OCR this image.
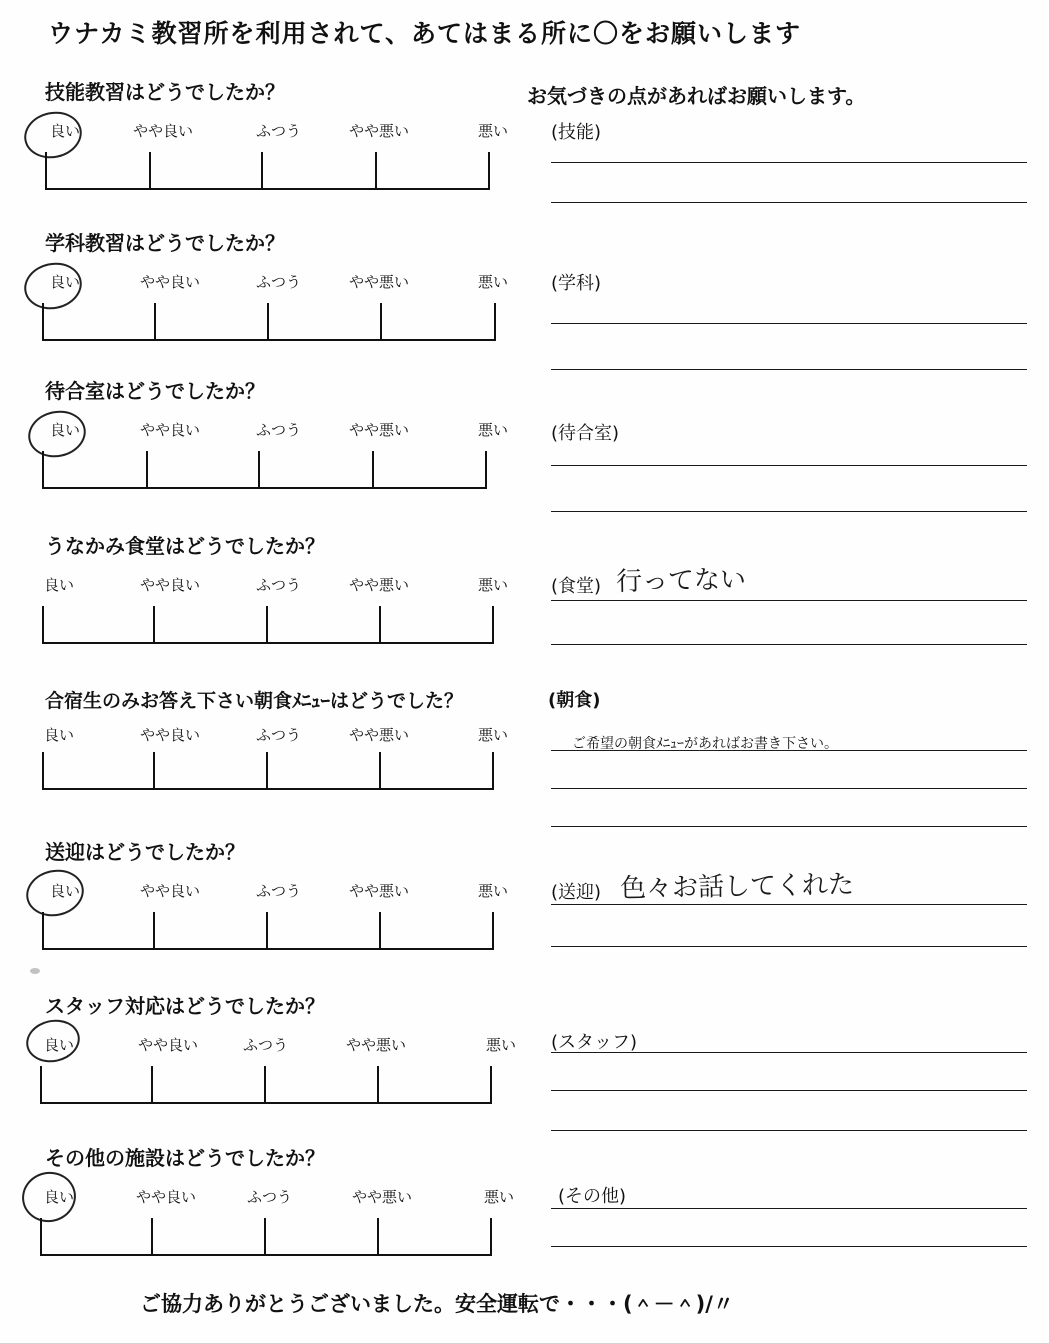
ウナカミ教習所を利用されて、あてはまる所に〇をお願いします
お気づきの点があればお願いします。
技能教習はどうでしたか？
良い	やや良い	ふつう	やや悪い	悪い (技能)
学科教習はどうでしたか？
良い	やや良い	ふつう	やや悪い	悪い (学科)
待合室はどうでしたか？
良い	やや良い	ふつう	やや悪い	悪い (待合室)
うなかみ食堂はどうでしたか？
良い	やや良い	ふつう	やや悪い	悪い (食堂) 行ってない
合宿生のみお答え下さい朝食ﾒﾆｭｰはどうでした？
良い	やや良い	ふつう	やや悪い	悪い
(朝食)
ご希望の朝食ﾒﾆｭｰがあればお書き下さい。
送迎はどうでしたか？
良い	やや良い	ふつう	やや悪い	悪い (送迎) 色々お話してくれた
スタッフ対応はどうでしたか？
良い	やや良い	ふつう	やや悪い	悪い (スタッフ)
その他の施設はどうでしたか？
良い	やや良い	ふつう	やや悪い	悪い (その他)
ご協力ありがとうございました。安全運転で・・・(＾－＾)/〃
